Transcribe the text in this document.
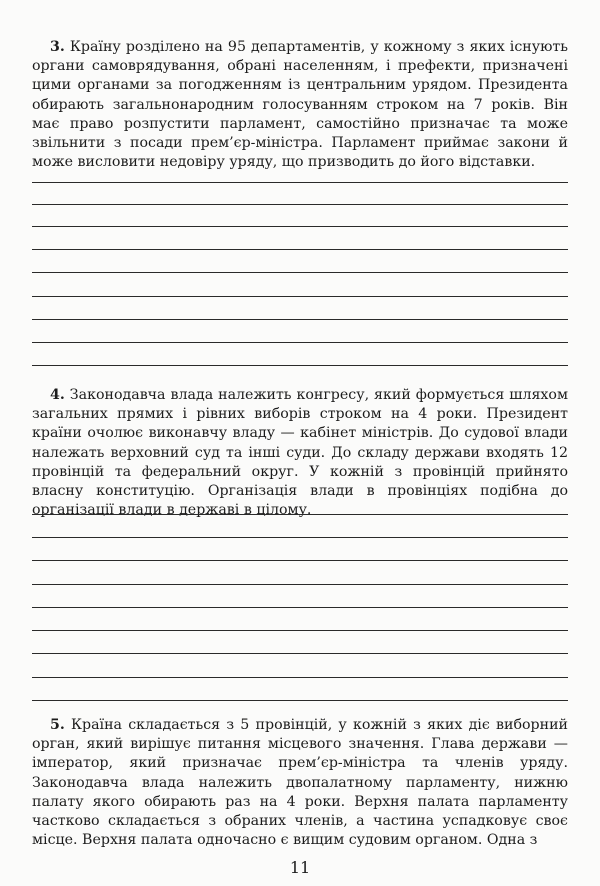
3. Країну розділено на 95 департаментів, у кожному з яких існують органи самоврядування, обрані населенням, і префекти, призначені цими органами за погодженням із центральним урядом. Президента обирають загальнонародним голосуванням строком на 7 років. Він має право розпустити парламент, самостійно призначає та може звільнити з посади прем’єр-міністра. Парламент приймає закони й може висловити недовіру уряду, що призводить до його відставки.
4. Законодавча влада належить конгресу, який формується шляхом загальних прямих і рівних виборів строком на 4 роки. Президент країни очолює виконавчу владу — кабінет міністрів. До судової влади належать верховний суд та інші суди. До складу держави входять 12 провінцій та федеральний округ. У кожній з провінцій прийнято власну конституцію. Організація влади в провінціях подібна до організації влади в державі в цілому.
5. Країна складається з 5 провінцій, у кожній з яких діє виборний орган, який вирішує питання місцевого значення. Глава держави — імператор, який призначає прем’єр-міністра та членів уряду. Законодавча влада належить двопалатному парламенту, нижню палату якого обирають раз на 4 роки. Верхня палата парламенту частково складається з обраних членів, а частина успадковує своє місце. Верхня палата одночасно є вищим судовим органом. Одна з
11
